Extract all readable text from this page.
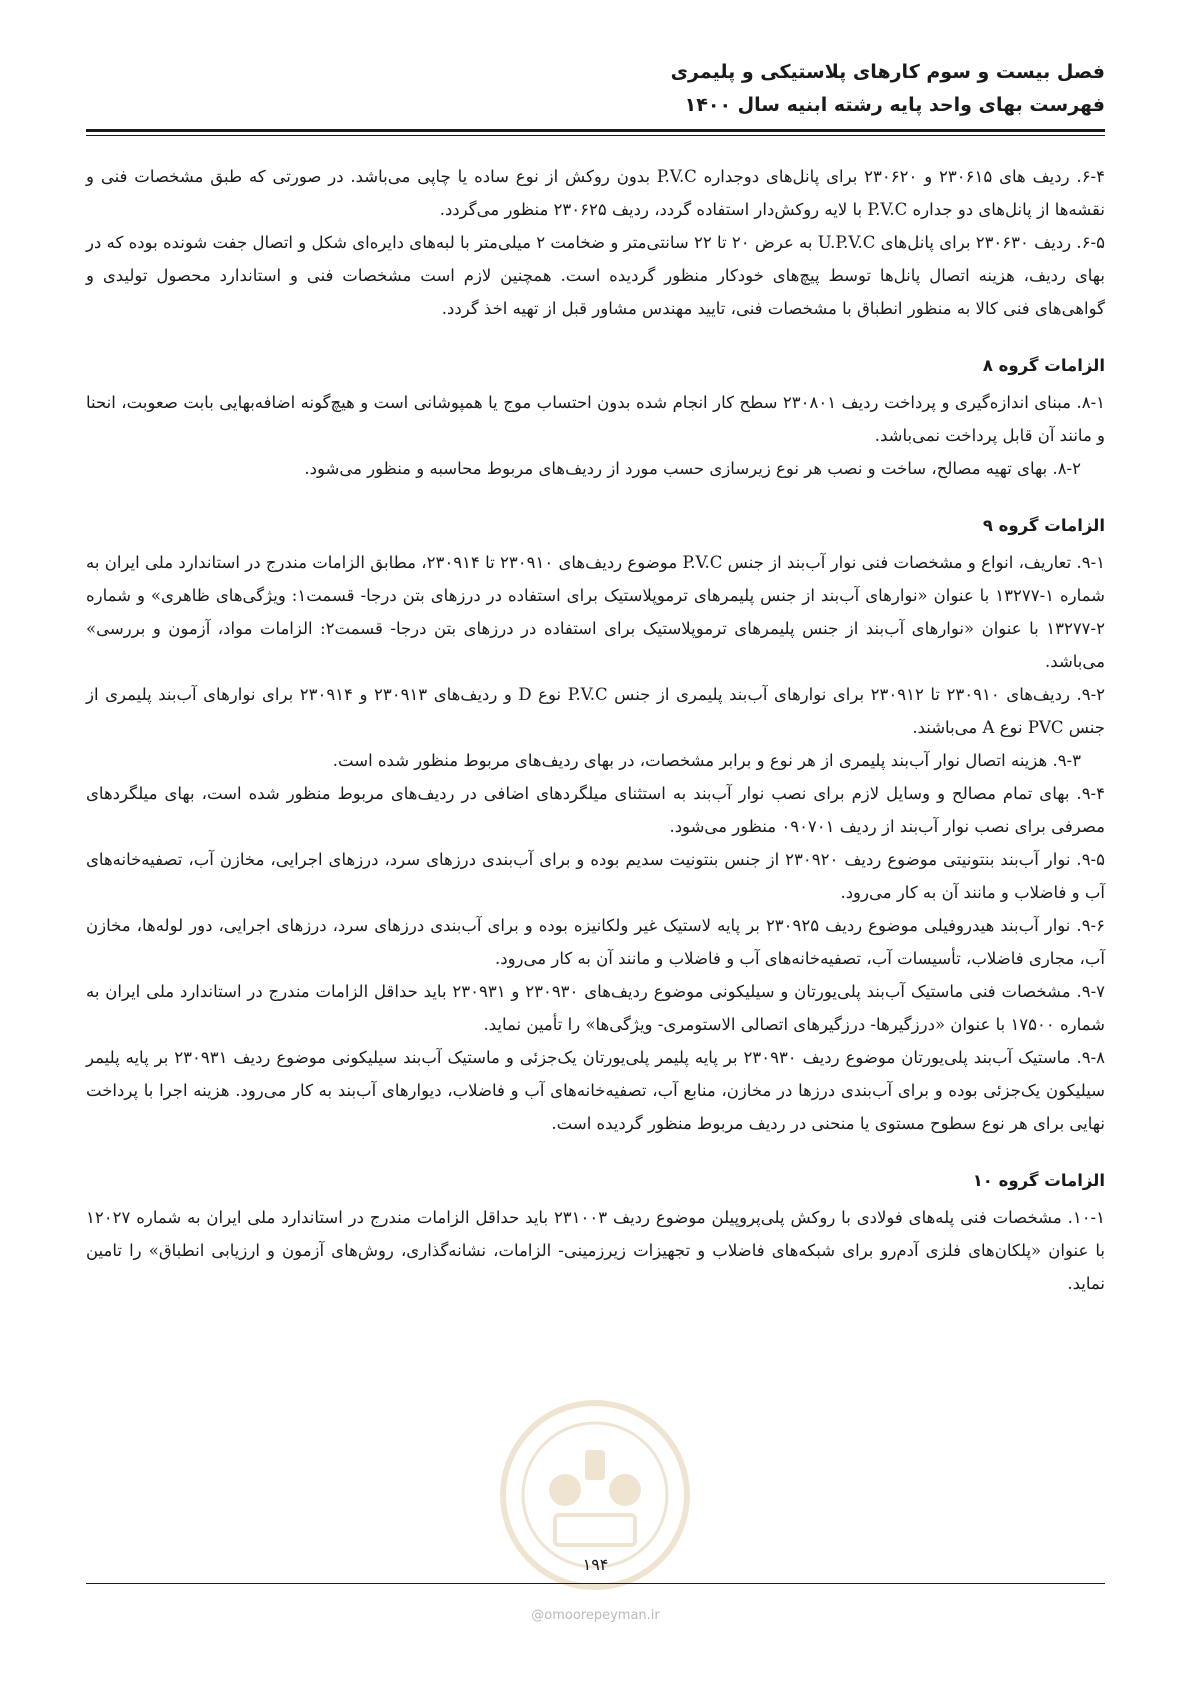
فصل بیست و سوم کارهای پلاستیکی و پلیمری
فهرست بهای واحد پایه رشته ابنیه سال ۱۴۰۰

۶-۴. ردیف های ۲۳۰۶۱۵ و ۲۳۰۶۲۰ برای پانل‌های دوجداره P.V.C بدون روکش از نوع ساده یا چاپی می‌باشد. در صورتی که طبق مشخصات فنی و نقشه‌ها از پانل‌های دو جداره P.V.C با لایه روکش‌دار استفاده گردد، ردیف ۲۳۰۶۲۵ منظور می‌گردد.

۶-۵. ردیف ۲۳۰۶۳۰ برای پانل‌های U.P.V.C به عرض ۲۰ تا ۲۲ سانتی‌متر و ضخامت ۲ میلی‌متر با لبه‌های دایره‌ای شکل و اتصال جفت شونده بوده که در بهای ردیف، هزینه اتصال پانل‌ها توسط پیچ‌های خودکار منظور گردیده است. همچنین لازم است مشخصات فنی و استاندارد محصول تولیدی و گواهی‌های فنی کالا به منظور انطباق با مشخصات فنی، تایید مهندس مشاور قبل از تهیه اخذ گردد.

الزامات گروه ۸

۸-۱. مبنای اندازه‌گیری و پرداخت ردیف ۲۳۰۸۰۱ سطح کار انجام شده بدون احتساب موج یا همپوشانی است و هیچ‌گونه اضافه‌بهایی بابت صعوبت، انحنا و مانند آن قابل پرداخت نمی‌باشد.

۸-۲. بهای تهیه مصالح، ساخت و نصب هر نوع زیرسازی حسب مورد از ردیف‌های مربوط محاسبه و منظور می‌شود.

الزامات گروه ۹

۹-۱. تعاریف، انواع و مشخصات فنی نوار آب‌بند از جنس P.V.C موضوع ردیف‌های ۲۳۰۹۱۰ تا ۲۳۰۹۱۴، مطابق الزامات مندرج در استاندارد ملی ایران به شماره ۱-۱۳۲۷۷ با عنوان «نوارهای آب‌بند از جنس پلیمرهای ترموپلاستیک برای استفاده در درزهای بتن درجا- قسمت۱: ویژگی‌های ظاهری» و شماره ۲-۱۳۲۷۷ با عنوان «نوارهای آب‌بند از جنس پلیمرهای ترموپلاستیک برای استفاده در درزهای بتن درجا- قسمت۲: الزامات مواد، آزمون و بررسی» می‌باشد.

۹-۲. ردیف‌های ۲۳۰۹۱۰ تا ۲۳۰۹۱۲ برای نوارهای آب‌بند پلیمری از جنس P.V.C نوع D و ردیف‌های ۲۳۰۹۱۳ و ۲۳۰۹۱۴ برای نوارهای آب‌بند پلیمری از جنس PVC نوع A می‌باشند.

۹-۳. هزینه اتصال نوار آب‌بند پلیمری از هر نوع و برابر مشخصات، در بهای ردیف‌های مربوط منظور شده است.

۹-۴. بهای تمام مصالح و وسایل لازم برای نصب نوار آب‌بند به استثنای میلگردهای اضافی در ردیف‌های مربوط منظور شده است، بهای میلگردهای مصرفی برای نصب نوار آب‌بند از ردیف ۰۹۰۷۰۱ منظور می‌شود.

۹-۵. نوار آب‌بند بنتونیتی موضوع ردیف ۲۳۰۹۲۰ از جنس بنتونیت سدیم بوده و برای آب‌بندی درزهای سرد، درزهای اجرایی، مخازن آب، تصفیه‌خانه‌های آب و فاضلاب و مانند آن به کار می‌رود.

۹-۶. نوار آب‌بند هیدروفیلی موضوع ردیف ۲۳۰۹۲۵ بر پایه لاستیک غیر ولکانیزه بوده و برای آب‌بندی درزهای سرد، درزهای اجرایی، دور لوله‌ها، مخازن آب، مجاری فاضلاب، تأسیسات آب، تصفیه‌خانه‌های آب و فاضلاب و مانند آن به کار می‌رود.

۹-۷. مشخصات فنی ماستیک آب‌بند پلی‌یورتان و سیلیکونی موضوع ردیف‌های ۲۳۰۹۳۰ و ۲۳۰۹۳۱ باید حداقل الزامات مندرج در استاندارد ملی ایران به شماره ۱۷۵۰۰ با عنوان «درزگیرها- درزگیرهای اتصالی الاستومری- ویژگی‌ها» را تأمین نماید.

۹-۸. ماستیک آب‌بند پلی‌یورتان موضوع ردیف ۲۳۰۹۳۰ بر پایه پلیمر پلی‌یورتان یک‌جزئی و ماستیک آب‌بند سیلیکونی موضوع ردیف ۲۳۰۹۳۱ بر پایه پلیمر سیلیکون یک‌جزئی بوده و برای آب‌بندی درزها در مخازن، منابع آب، تصفیه‌خانه‌های آب و فاضلاب، دیوارهای آب‌بند به کار می‌رود. هزینه اجرا با پرداخت نهایی برای هر نوع سطوح مستوی یا منحنی در ردیف مربوط منظور گردیده است.

الزامات گروه ۱۰

۱۰-۱. مشخصات فنی پله‌های فولادی با روکش پلی‌پروپیلن موضوع ردیف ۲۳۱۰۰۳ باید حداقل الزامات مندرج در استاندارد ملی ایران به شماره ۱۲۰۲۷ با عنوان «پلکان‌های فلزی آدم‌رو برای شبکه‌های فاضلاب و تجهیزات زیرزمینی- الزامات، نشانه‌گذاری، روش‌های آزمون و ارزیابی انطباق» را تامین نماید.

۱۹۴
@omoorepeyman.ir
